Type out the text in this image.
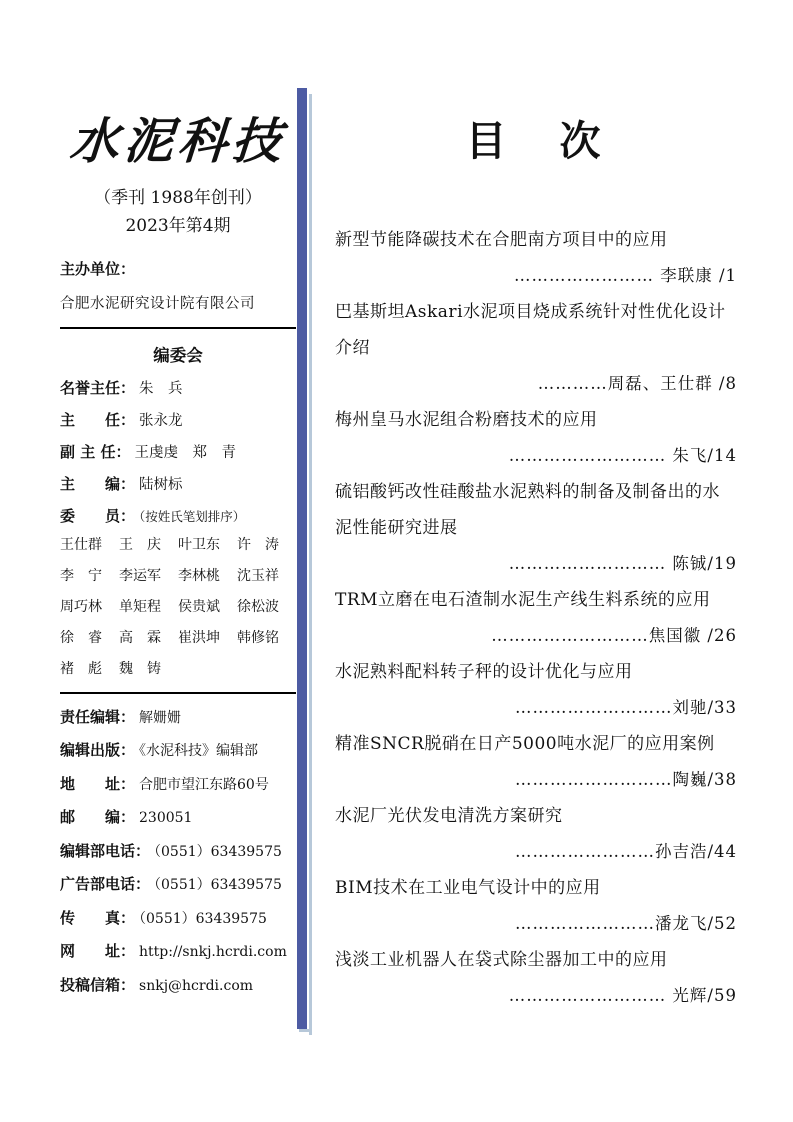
水泥科技
（季刊 1988年创刊）
2023年第4期
主办单位：
合肥水泥研究设计院有限公司
编委会
名誉主任： 朱　兵
主　　任： 张永龙
副 主 任： 王虔虔　郑　青
主　　编： 陆树标
委　　员： （按姓氏笔划排序）
王仕群	王　庆	叶卫东	许　涛
李　宁	李运军	李林桃	沈玉祥
周巧林	单矩程	侯贵斌	徐松波
徐　睿	高　霖	崔洪坤	韩修铭
褚　彪	魏　铸
责任编辑： 解姗姗
编辑出版： 《水泥科技》编辑部
地　　址： 合肥市望江东路60号
邮　　编： 230051
编辑部电话： （0551）63439575
广告部电话： （0551）63439575
传　　真： （0551）63439575
网　　址： http://snkj.hcrdi.com
投稿信箱： snkj@hcrdi.com
目　次
新型节能降碳技术在合肥南方项目中的应用
…………………… 李联康 /1
巴基斯坦Askari水泥项目烧成系统针对性优化设计介绍
…………周磊、王仕群 /8
梅州皇马水泥组合粉磨技术的应用
……………………… 朱飞/14
硫铝酸钙改性硅酸盐水泥熟料的制备及制备出的水泥性能研究进展
……………………… 陈铖/19
TRM立磨在电石渣制水泥生产线生料系统的应用
………………………焦国徽 /26
水泥熟料配料转子秤的设计优化与应用
………………………刘驰/33
精准SNCR脱硝在日产5000吨水泥厂的应用案例
………………………陶巍/38
水泥厂光伏发电清洗方案研究
……………………孙吉浩/44
BIM技术在工业电气设计中的应用
……………………潘龙飞/52
浅淡工业机器人在袋式除尘器加工中的应用
……………………… 光辉/59
